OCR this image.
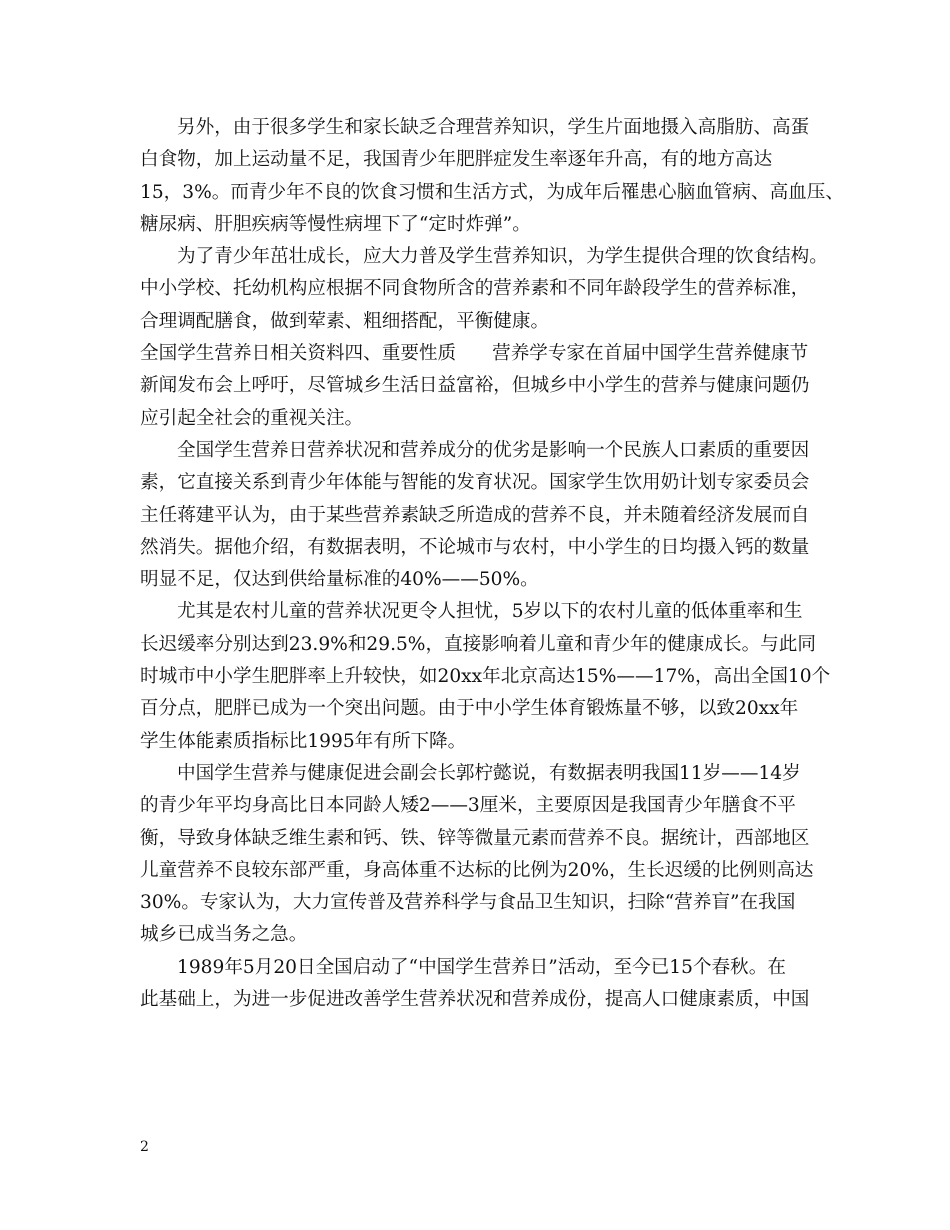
另外，由于很多学生和家长缺乏合理营养知识，学生片面地摄入高脂肪、高蛋
白食物，加上运动量不足，我国青少年肥胖症发生率逐年升高，有的地方高达
15，3%。而青少年不良的饮食习惯和生活方式，为成年后罹患心脑血管病、高血压、
糖尿病、肝胆疾病等慢性病埋下了“定时炸弹”。
为了青少年茁壮成长，应大力普及学生营养知识，为学生提供合理的饮食结构。
中小学校、托幼机构应根据不同食物所含的营养素和不同年龄段学生的营养标准，
合理调配膳食，做到荤素、粗细搭配，平衡健康。
全国学生营养日相关资料四、重要性质 营养学专家在首届中国学生营养健康节
新闻发布会上呼吁，尽管城乡生活日益富裕，但城乡中小学生的营养与健康问题仍
应引起全社会的重视关注。
全国学生营养日营养状况和营养成分的优劣是影响一个民族人口素质的重要因
素，它直接关系到青少年体能与智能的发育状况。国家学生饮用奶计划专家委员会
主任蒋建平认为，由于某些营养素缺乏所造成的营养不良，并未随着经济发展而自
然消失。据他介绍，有数据表明，不论城市与农村，中小学生的日均摄入钙的数量
明显不足，仅达到供给量标准的40%——50%。
尤其是农村儿童的营养状况更令人担忧，5岁以下的农村儿童的低体重率和生
长迟缓率分别达到23.9%和29.5%，直接影响着儿童和青少年的健康成长。与此同
时城市中小学生肥胖率上升较快，如20xx年北京高达15%——17%，高出全国10个
百分点，肥胖已成为一个突出问题。由于中小学生体育锻炼量不够，以致20xx年
学生体能素质指标比1995年有所下降。
中国学生营养与健康促进会副会长郭柠懿说，有数据表明我国11岁——14岁
的青少年平均身高比日本同龄人矮2——3厘米，主要原因是我国青少年膳食不平
衡，导致身体缺乏维生素和钙、铁、锌等微量元素而营养不良。据统计，西部地区
儿童营养不良较东部严重，身高体重不达标的比例为20%，生长迟缓的比例则高达
30%。专家认为，大力宣传普及营养科学与食品卫生知识，扫除“营养盲”在我国
城乡已成当务之急。
1989年5月20日全国启动了“中国学生营养日”活动，至今已15个春秋。在
此基础上，为进一步促进改善学生营养状况和营养成份，提高人口健康素质，中国
2
